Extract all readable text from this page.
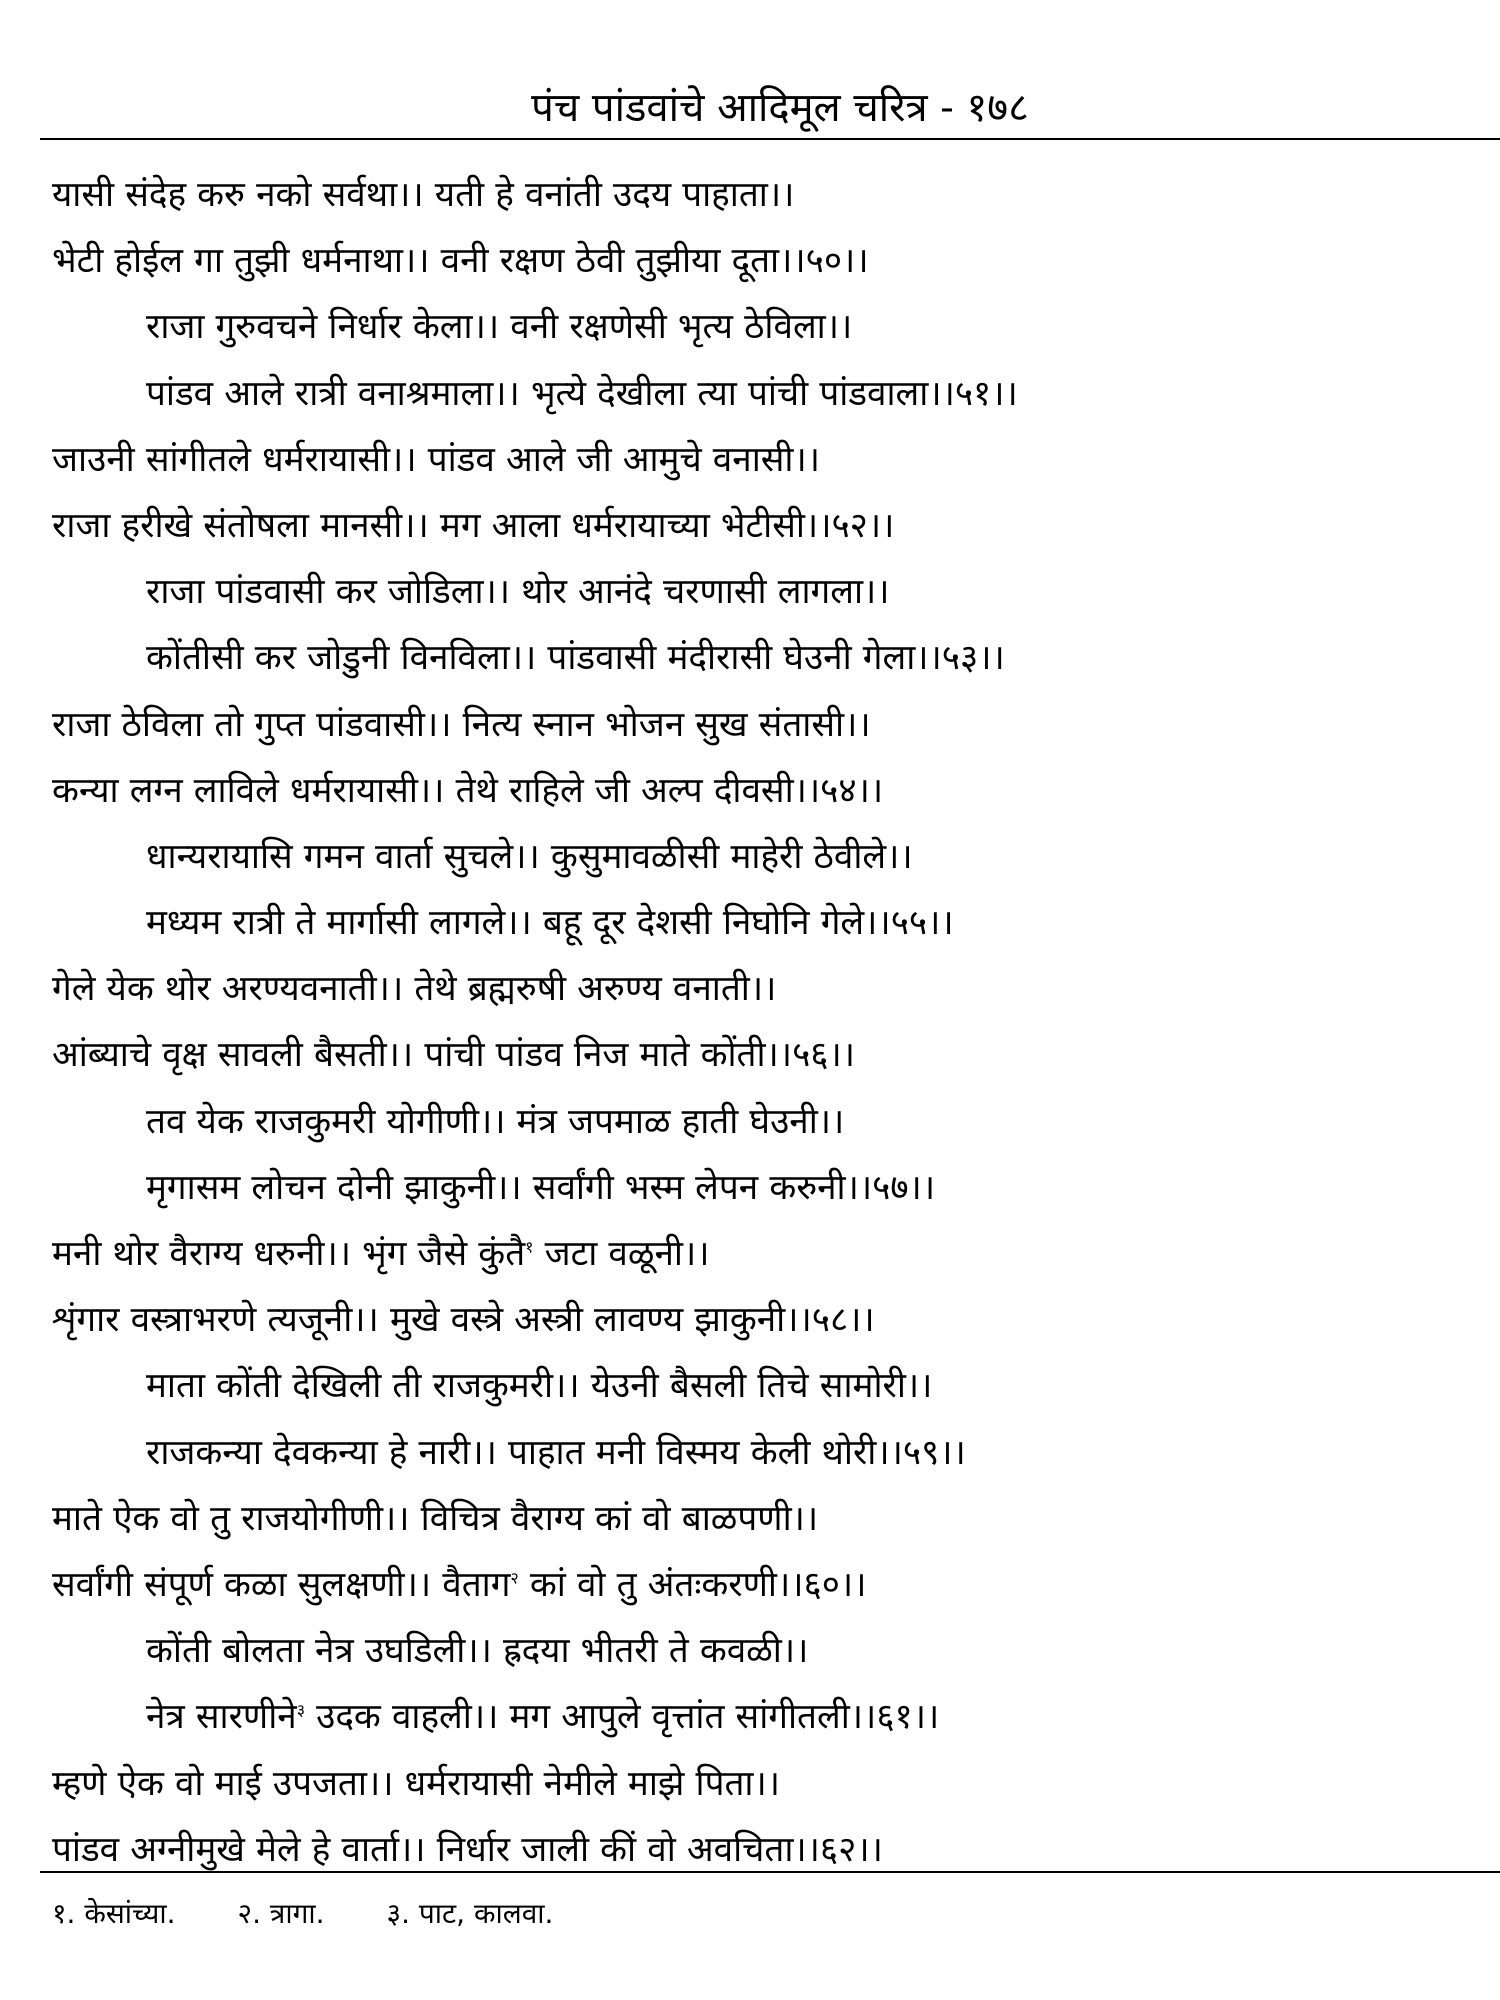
पंच पांडवांचे आदिमूल चरित्र - १७८
यासी संदेह करु नको सर्वथा।। यती हे वनांती उदय पाहाता।।
भेटी होईल गा तुझी धर्मनाथा।। वनी रक्षण ठेवी तुझीया दूता।।५०।।
राजा गुरुवचने निर्धार केला।। वनी रक्षणेसी भृत्य ठेविला।।
पांडव आले रात्री वनाश्रमाला।। भृत्ये देखीला त्या पांची पांडवाला।।५१।।
जाउनी सांगीतले धर्मरायासी।। पांडव आले जी आमुचे वनासी।।
राजा हरीखे संतोषला मानसी।। मग आला धर्मरायाच्या भेटीसी।।५२।।
राजा पांडवासी कर जोडिला।। थोर आनंदे चरणासी लागला।।
कोंतीसी कर जोडुनी विनविला।। पांडवासी मंदीरासी घेउनी गेला।।५३।।
राजा ठेविला तो गुप्त पांडवासी।। नित्य स्नान भोजन सुख संतासी।।
कन्या लग्न लाविले धर्मरायासी।। तेथे राहिले जी अल्प दीवसी।।५४।।
धान्यरायासि गमन वार्ता सुचले।। कुसुमावळीसी माहेरी ठेवीले।।
मध्यम रात्री ते मार्गासी लागले।। बहू दूर देशसी निघोनि गेले।।५५।।
गेले येक थोर अरण्यवनाती।। तेथे ब्रह्मरुषी अरुण्य वनाती।।
आंब्याचे वृक्ष सावली बैसती।। पांची पांडव निज माते कोंती।।५६।।
तव येक राजकुमरी योगीणी।। मंत्र जपमाळ हाती घेउनी।।
मृगासम लोचन दोनी झाकुनी।। सर्वांगी भस्म लेपन करुनी।।५७।।
मनी थोर वैराग्य धरुनी।। भृंग जैसे कुंतै$^१$ जटा वळूनी।।
शृंगार वस्त्राभरणे त्यजूनी।। मुखे वस्त्रे अस्त्री लावण्य झाकुनी।।५८।।
माता कोंती देखिली ती राजकुमरी।। येउनी बैसली तिचे सामोरी।।
राजकन्या देवकन्या हे नारी।। पाहात मनी विस्मय केली थोरी।।५९।।
माते ऐक वो तु राजयोगीणी।। विचित्र वैराग्य कां वो बाळपणी।।
सर्वांगी संपूर्ण कळा सुलक्षणी।। वैताग$^२$ कां वो तु अंतःकरणी।।६०।।
कोंती बोलता नेत्र उघडिली।। ह्रदया भीतरी ते कवळी।।
नेत्र सारणीने$^३$ उदक वाहली।। मग आपुले वृत्तांत सांगीतली।।६१।।
म्हणे ऐक वो माई उपजता।। धर्मरायासी नेमीले माझे पिता।।
पांडव अग्नीमुखे मेले हे वार्ता।। निर्धार जाली कीं वो अवचिता।।६२।।
१. केसांच्या. २. त्रागा. ३. पाट, कालवा.
